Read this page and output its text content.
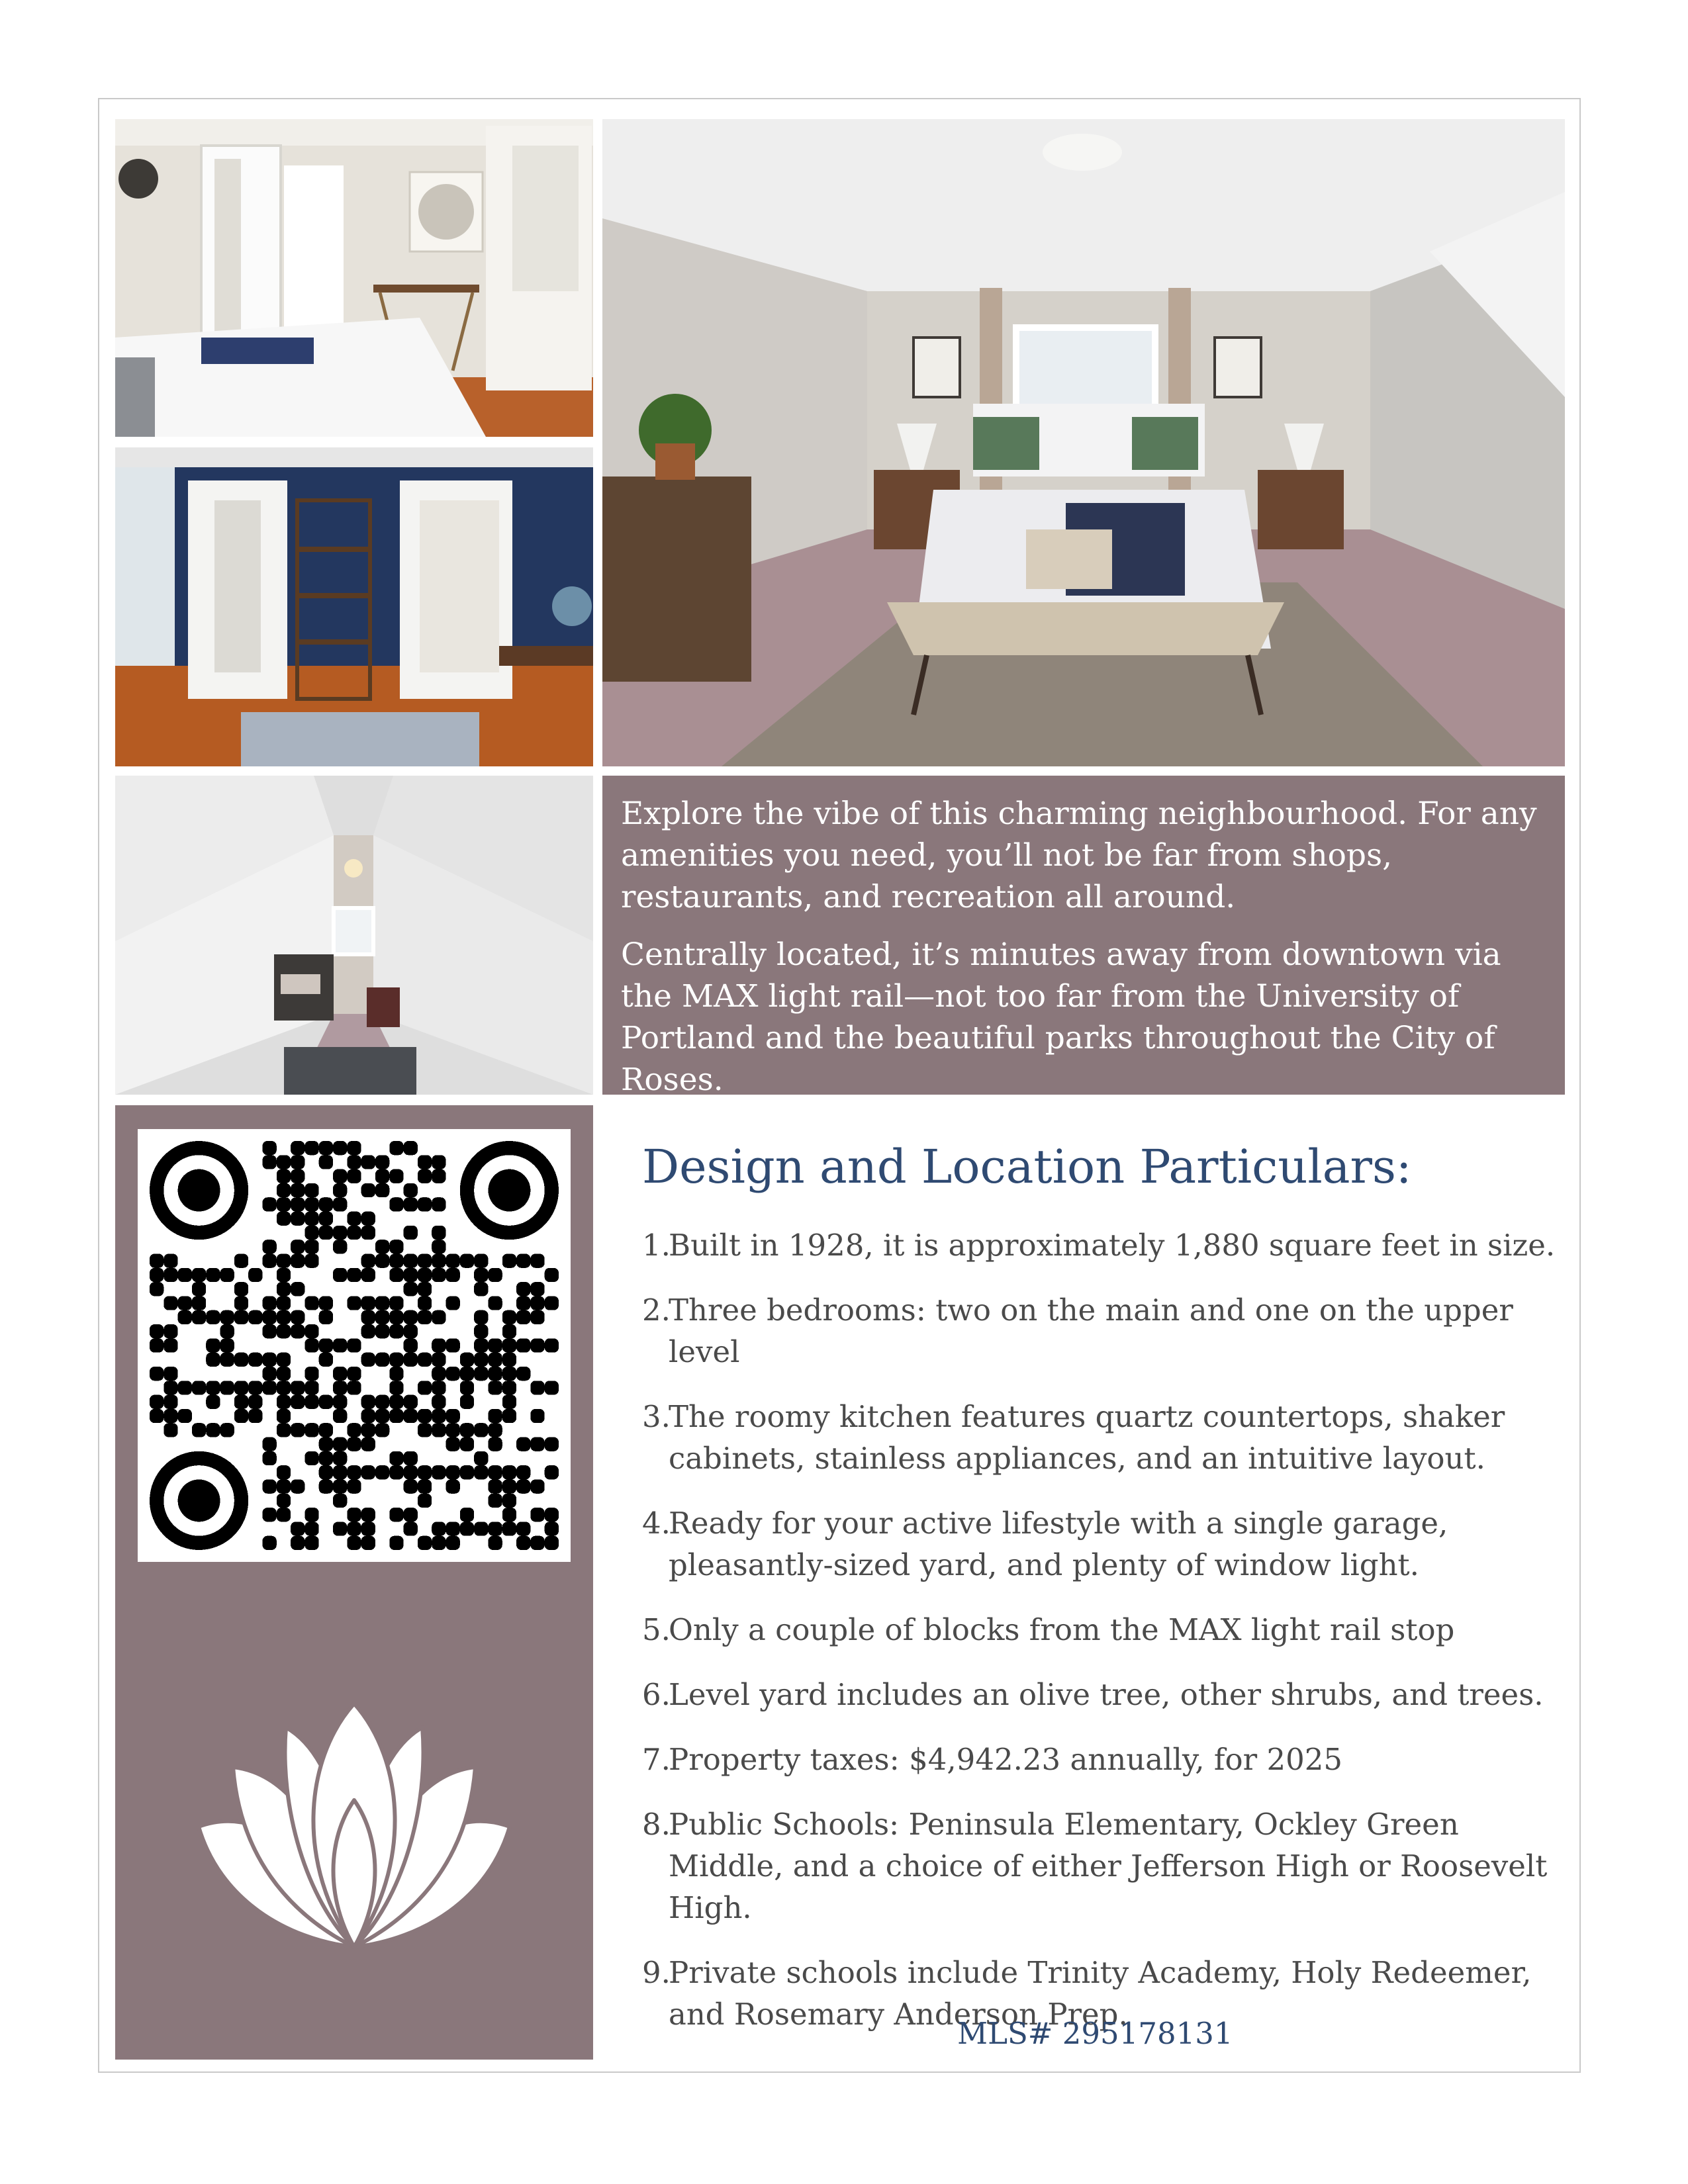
Explore the vibe of this charming neighbourhood. For any amenities you need, you’ll not be far from shops, restaurants, and recreation all around.

Centrally located, it’s minutes away from downtown via the MAX light rail—not too far from the University of Portland and the beautiful parks throughout the City of Roses.

Design and Location Particulars:
1.
Built in 1928, it is approximately 1,880 square feet in size.
2.
Three bedrooms: two on the main and one on the upper level
3.
The roomy kitchen features quartz countertops, shaker cabinets, stainless appliances, and an intuitive layout.
4.
Ready for your active lifestyle with a single garage, pleasantly-sized yard, and plenty of window light.
5.
Only a couple of blocks from the MAX light rail stop
6.
Level yard includes an olive tree, other shrubs, and trees.
7.
Property taxes: $4,942.23 annually, for 2025
8.
Public Schools: Peninsula Elementary, Ockley Green Middle, and a choice of either Jefferson High or Roosevelt High.
9.
Private schools include Trinity Academy, Holy Redeemer, and Rosemary Anderson Prep.
MLS# 295178131
